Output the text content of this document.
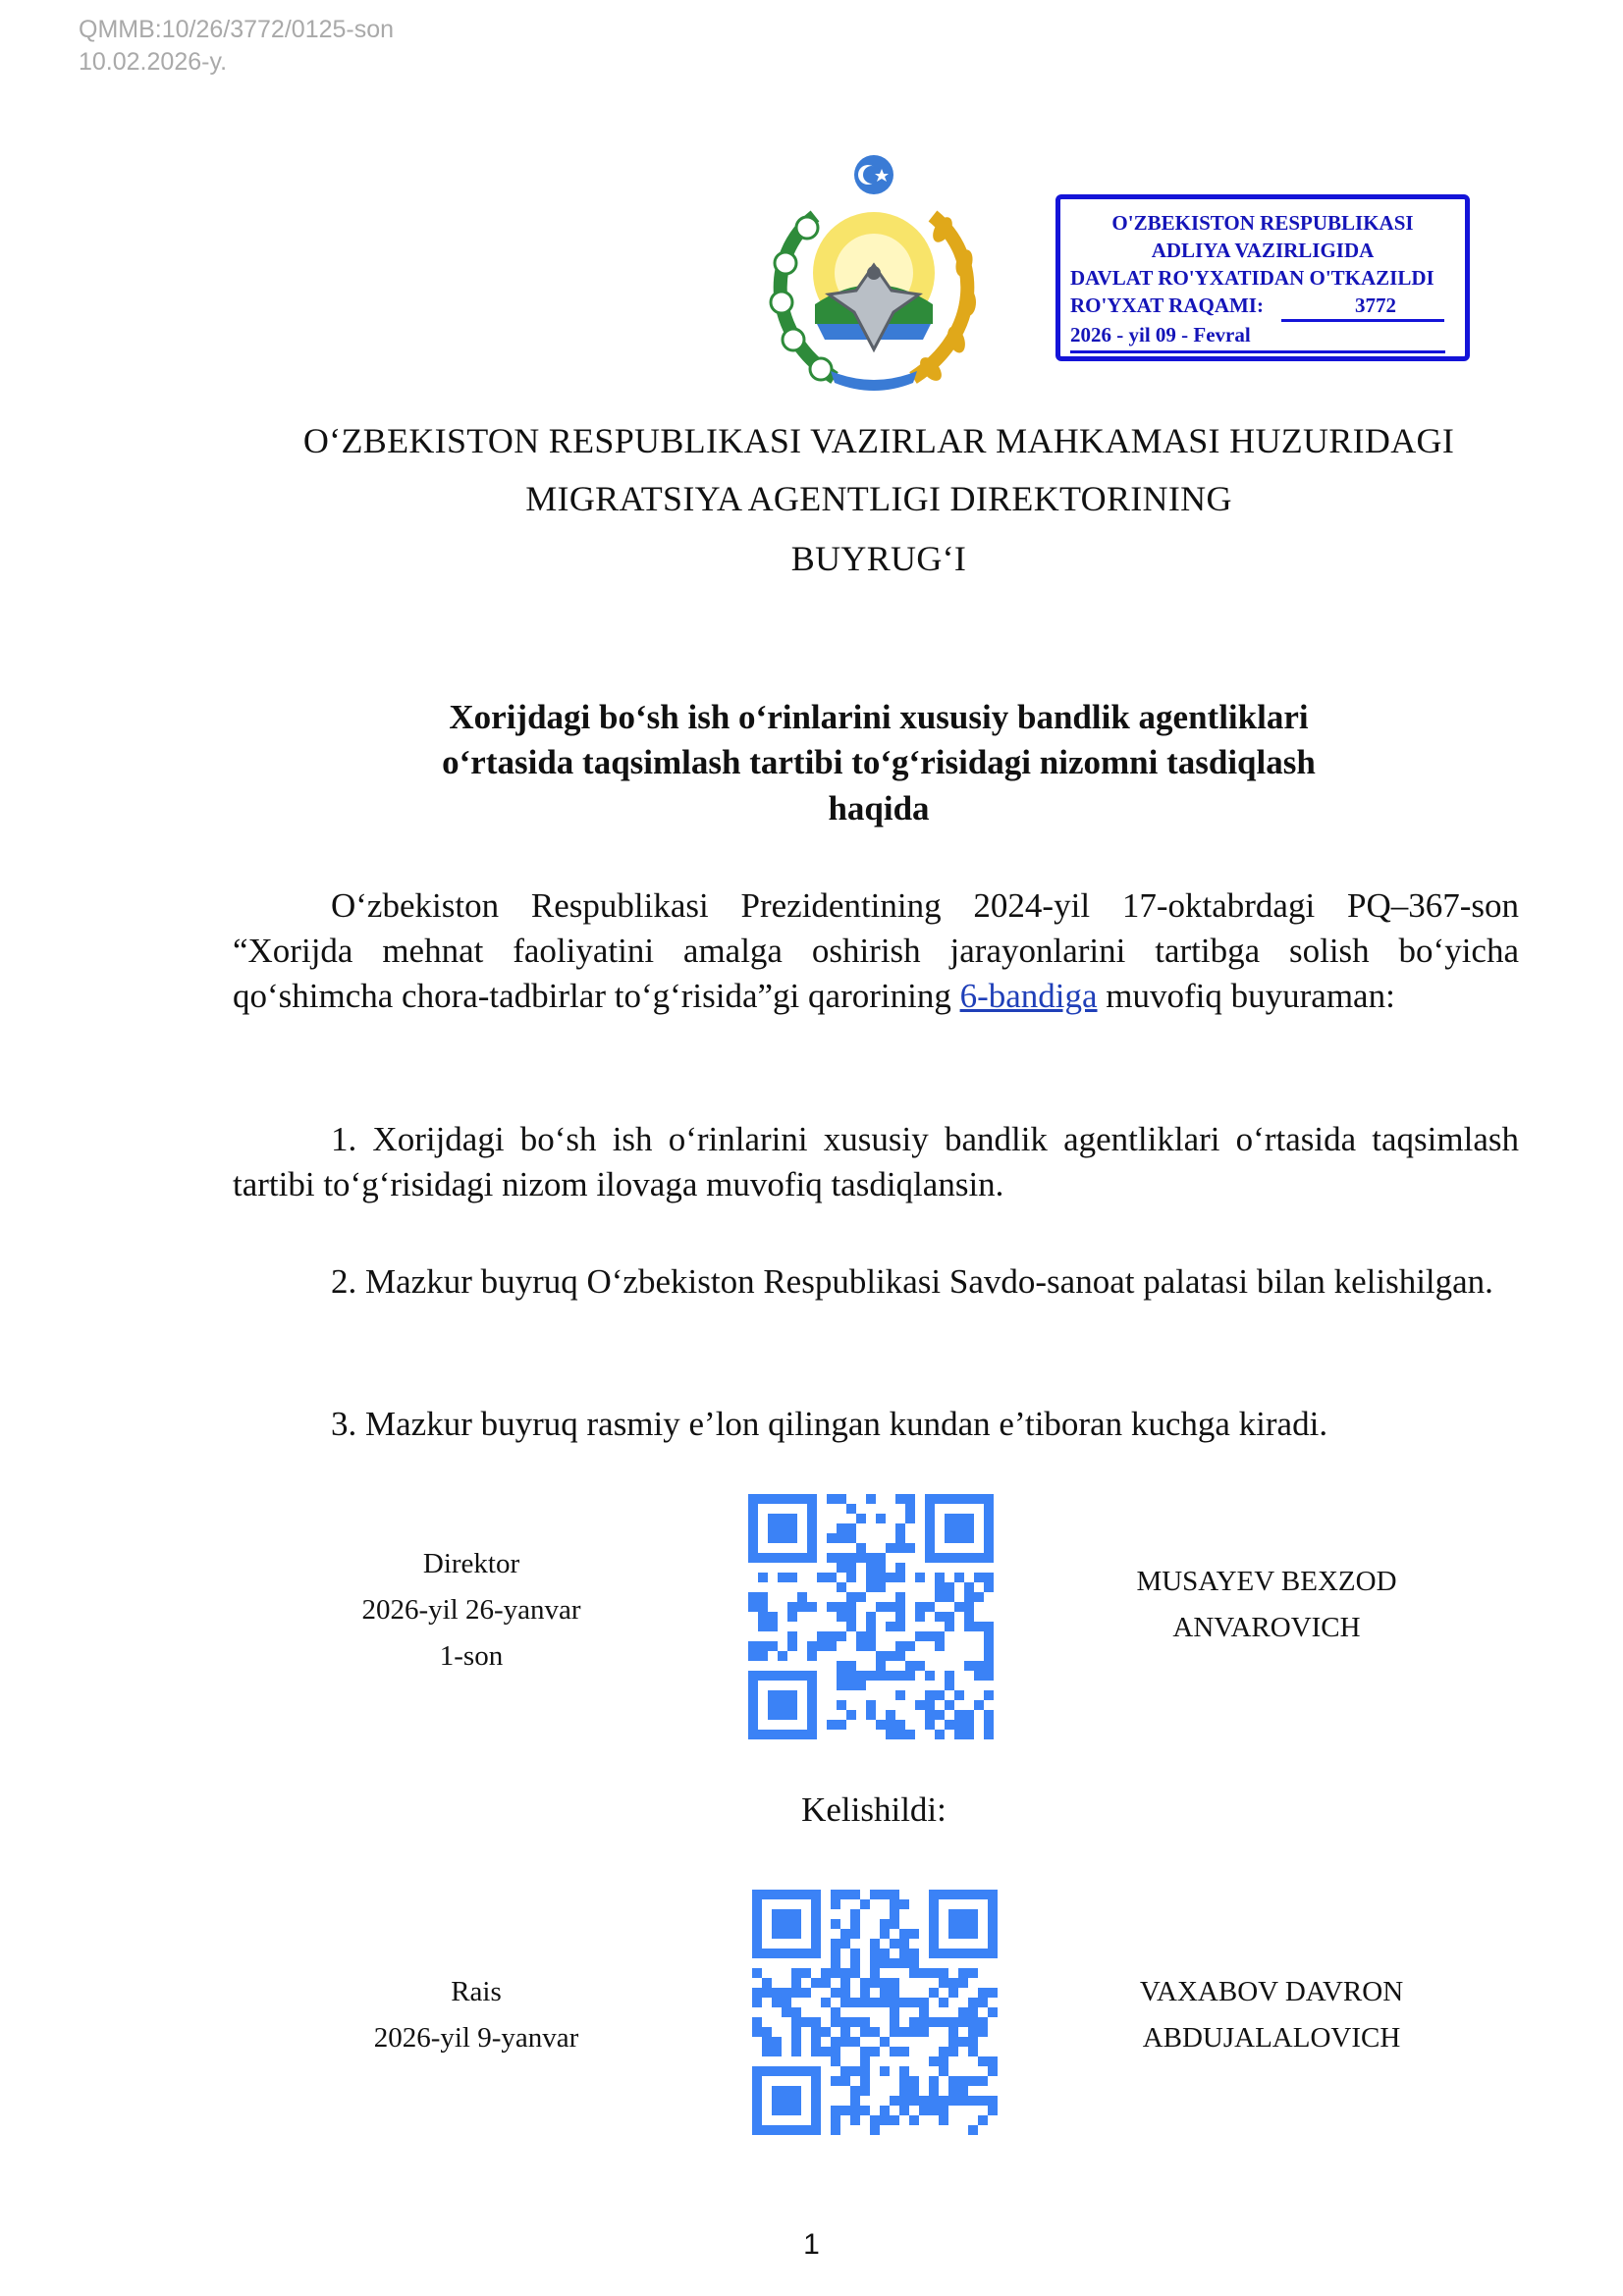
QMMB:10/26/3772/0125-son
10.02.2026-y.
O'ZBEKISTON RESPUBLIKASI
ADLIYA VAZIRLIGIDA
DAVLAT RO'YXATIDAN O'TKAZILDI
RO'YXAT RAQAMI:	3772
2026 - yil 09 - Fevral
OʻZBEKISTON RESPUBLIKASI VAZIRLAR MAHKAMASI HUZURIDAGI
MIGRATSIYA AGENTLIGI DIREKTORINING
BUYRUGʻI
Xorijdagi boʻsh ish oʻrinlarini xususiy bandlik agentliklari
oʻrtasida taqsimlash tartibi toʻgʻrisidagi nizomni tasdiqlash
haqida
Oʻzbekiston Respublikasi Prezidentining 2024-yil 17-oktabrdagi PQ–367-son “Xorijda mehnat faoliyatini amalga oshirish jarayonlarini tartibga solish boʻyicha qoʻshimcha chora-tadbirlar toʻgʻrisida”gi qarorining 6-bandiga muvofiq buyuraman:
1. Xorijdagi boʻsh ish oʻrinlarini xususiy bandlik agentliklari oʻrtasida taqsimlash tartibi toʻgʻrisidagi nizom ilovaga muvofiq tasdiqlansin.
2. Mazkur buyruq Oʻzbekiston Respublikasi Savdo-sanoat palatasi bilan kelishilgan.
3. Mazkur buyruq rasmiy e’lon qilingan kundan e’tiboran kuchga kiradi.
Direktor
2026-yil 26-yanvar
1-son
MUSAYEV BEXZOD
ANVAROVICH
Kelishildi:
Rais
2026-yil 9-yanvar
VAXABOV DAVRON
ABDUJALALOVICH
1
